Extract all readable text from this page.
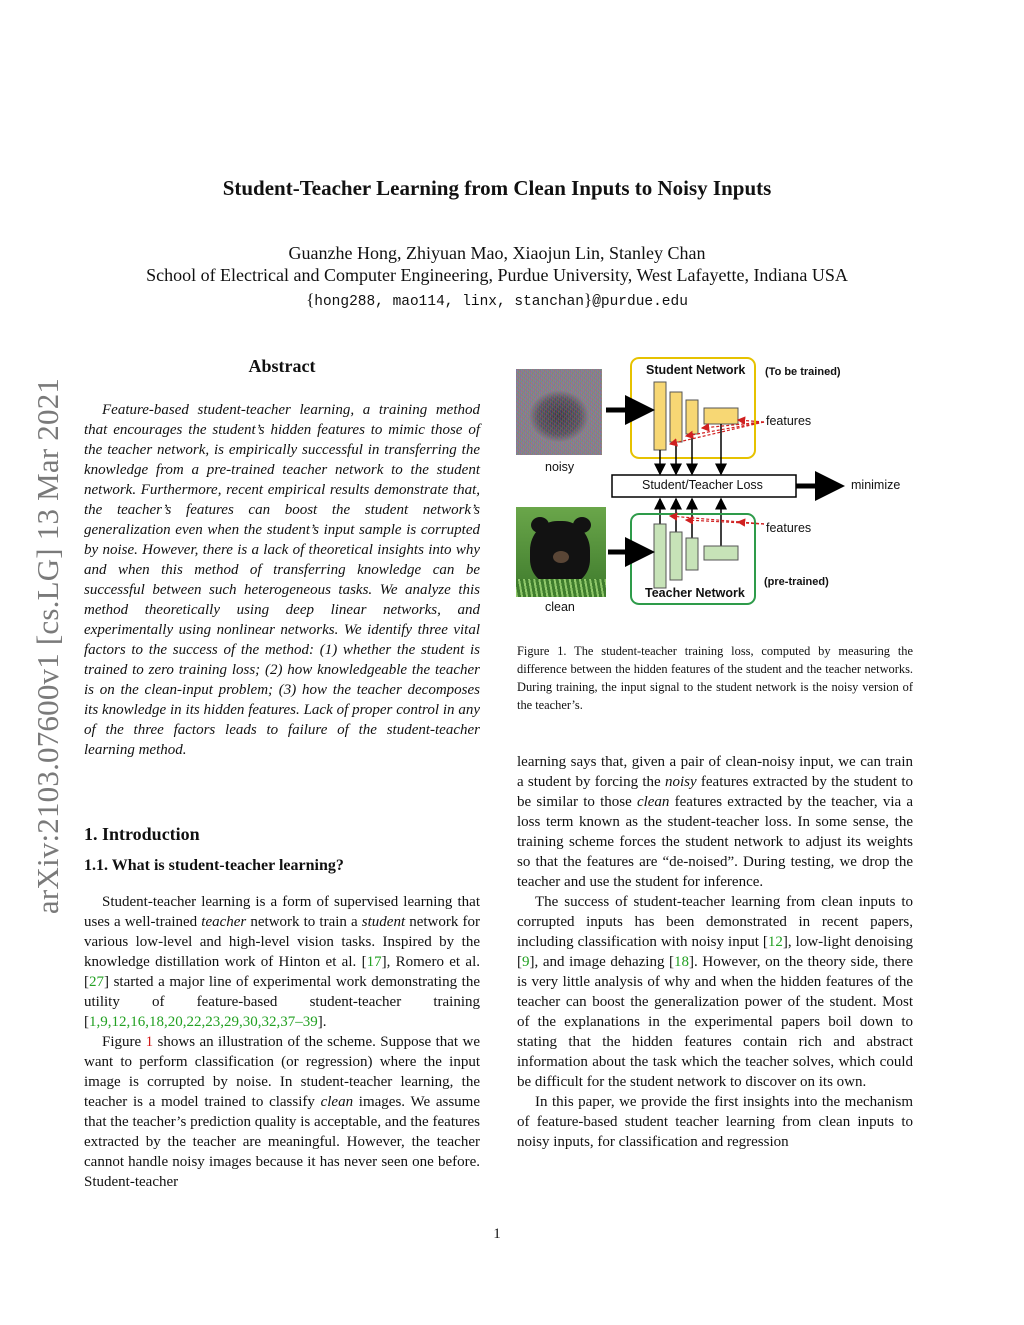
arXiv:2103.07600v1 [cs.LG] 13 Mar 2021
Student-Teacher Learning from Clean Inputs to Noisy Inputs
Guanzhe Hong, Zhiyuan Mao, Xiaojun Lin, Stanley Chan
School of Electrical and Computer Engineering, Purdue University, West Lafayette, Indiana USA
{hong288, mao114, linx, stanchan}@purdue.edu
Abstract

Feature-based student-teacher learning, a training method that encourages the student’s hidden features to mimic those of the teacher network, is empirically successful in transferring the knowledge from a pre-trained teacher network to the student network. Furthermore, recent empirical results demonstrate that, the teacher’s features can boost the student network’s generalization even when the student’s input sample is corrupted by noise. However, there is a lack of theoretical insights into why and when this method of transferring knowledge can be successful between such heterogeneous tasks. We analyze this method theoretically using deep linear networks, and experimentally using nonlinear networks. We identify three vital factors to the success of the method: (1) whether the student is trained to zero training loss; (2) how knowledgeable the teacher is on the clean-input problem; (3) how the teacher decomposes its knowledge in its hidden features. Lack of proper control in any of the three factors leads to failure of the student-teacher learning method.

1. Introduction
1.1. What is student-teacher learning?

Student-teacher learning is a form of supervised learning that uses a well-trained teacher network to train a student network for various low-level and high-level vision tasks. Inspired by the knowledge distillation work of Hinton et al. [17], Romero et al. [27] started a major line of experimental work demonstrating the utility of feature-based student-teacher training [1,9,12,16,18,20,22,23,29,30,32,37–39].

Figure 1 shows an illustration of the scheme. Suppose that we want to perform classification (or regression) where the input image is corrupted by noise. In student-teacher learning, the teacher is a model trained to classify clean images. We assume that the teacher’s prediction quality is acceptable, and the features extracted by the teacher are meaningful. However, the teacher cannot handle noisy images because it has never seen one before. Student-teacher

noisy
clean
Student Network (To be trained)
features
Student/Teacher Loss	minimize
features
(pre-trained)
Teacher Network

Figure 1. The student-teacher training loss, computed by measuring the difference between the hidden features of the student and the teacher networks. During training, the input signal to the student network is the noisy version of the teacher’s.

learning says that, given a pair of clean-noisy input, we can train a student by forcing the noisy features extracted by the student to be similar to those clean features extracted by the teacher, via a loss term known as the student-teacher loss. In some sense, the training scheme forces the student network to adjust its weights so that the features are “de-noised”. During testing, we drop the teacher and use the student for inference.

The success of student-teacher learning from clean inputs to corrupted inputs has been demonstrated in recent papers, including classification with noisy input [12], low-light denoising [9], and image dehazing [18]. However, on the theory side, there is very little analysis of why and when the hidden features of the teacher can boost the generalization power of the student. Most of the explanations in the experimental papers boil down to stating that the hidden features contain rich and abstract information about the task which the teacher solves, which could be difficult for the student network to discover on its own.

In this paper, we provide the first insights into the mechanism of feature-based student teacher learning from clean inputs to noisy inputs, for classification and regression

1
